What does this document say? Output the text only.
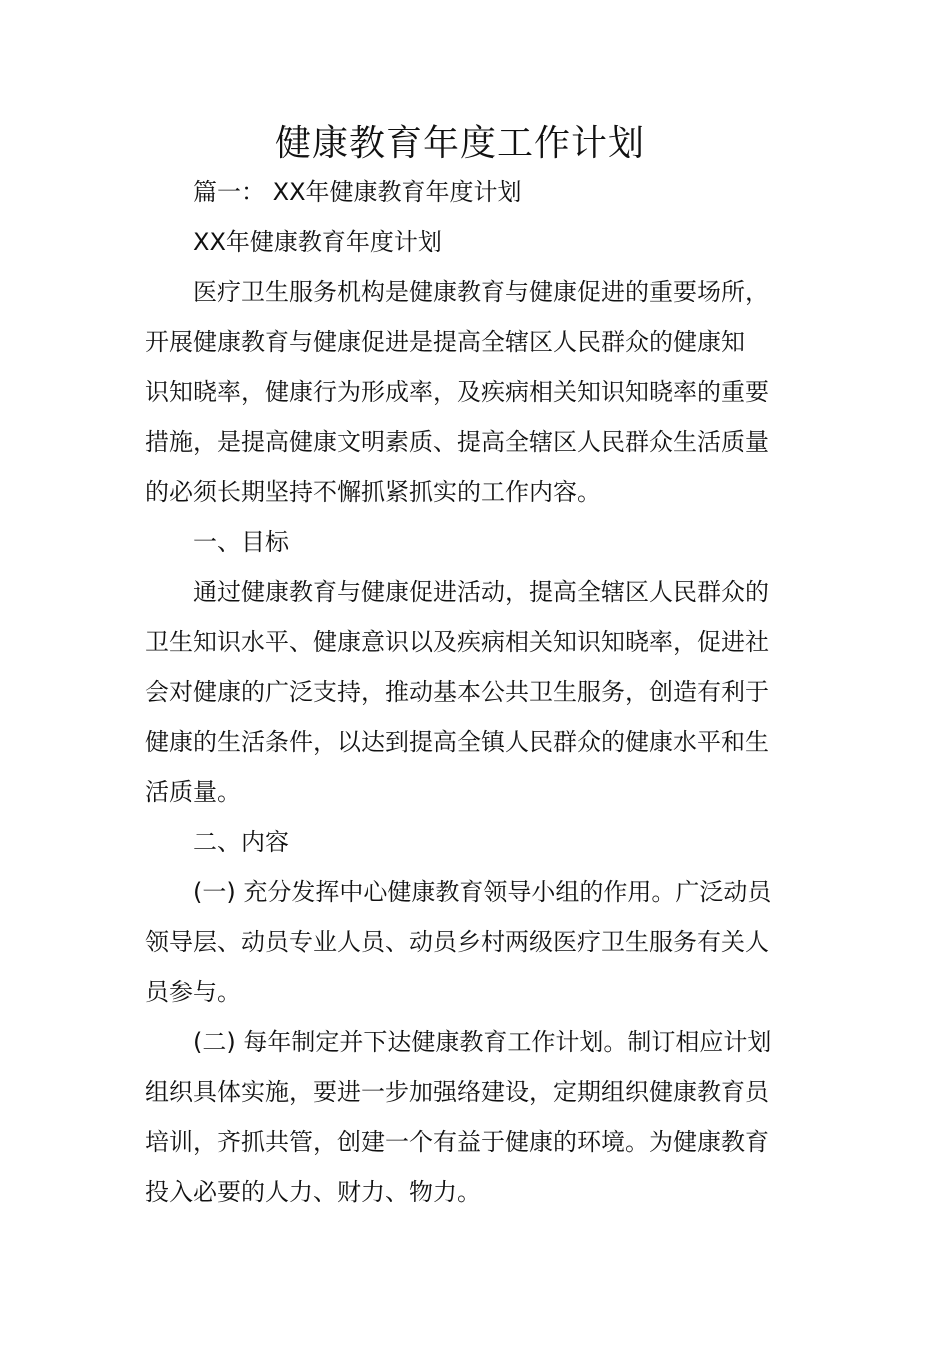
健康教育年度工作计划
篇一： XX年健康教育年度计划
XX年健康教育年度计划
医疗卫生服务机构是健康教育与健康促进的重要场所，
开展健康教育与健康促进是提高全辖区人民群众的健康知
识知晓率，健康行为形成率，及疾病相关知识知晓率的重要
措施，是提高健康文明素质、提高全辖区人民群众生活质量
的必须长期坚持不懈抓紧抓实的工作内容。
一、目标
通过健康教育与健康促进活动，提高全辖区人民群众的
卫生知识水平、健康意识以及疾病相关知识知晓率，促进社
会对健康的广泛支持，推动基本公共卫生服务，创造有利于
健康的生活条件，以达到提高全镇人民群众的健康水平和生
活质量。
二、内容
(一) 充分发挥中心健康教育领导小组的作用。广泛动员
领导层、动员专业人员、动员乡村两级医疗卫生服务有关人
员参与。
(二) 每年制定并下达健康教育工作计划。制订相应计划
组织具体实施，要进一步加强络建设，定期组织健康教育员
培训，齐抓共管，创建一个有益于健康的环境。为健康教育
投入必要的人力、财力、物力。
